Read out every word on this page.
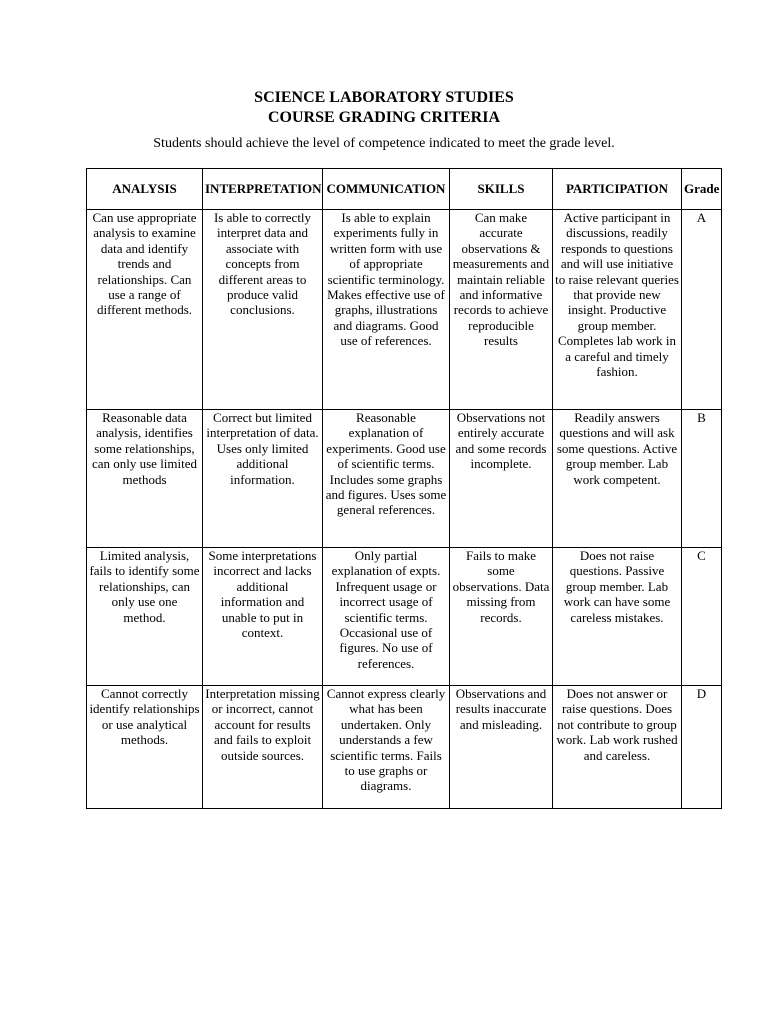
SCIENCE LABORATORY STUDIES
COURSE GRADING CRITERIA
Students should achieve the level of competence indicated to meet the grade level.
ANALYSIS	INTERPRETATION	COMMUNICATION	SKILLS	PARTICIPATION	Grade
Can use appropriate analysis to examine data and identify trends and relationships. Can use a range of different methods.	Is able to correctly interpret data and associate with concepts from different areas to produce valid conclusions.	Is able to explain experiments fully in written form with use of appropriate scientific terminology. Makes effective use of graphs, illustrations and diagrams. Good use of references.	Can make accurate observations & measurements and maintain reliable and informative records to achieve reproducible results	Active participant in discussions, readily responds to questions and will use initiative to raise relevant queries that provide new insight. Productive group member. Completes lab work in a careful and timely fashion.	A
Reasonable data analysis, identifies some relationships, can only use limited methods	Correct but limited interpretation of data. Uses only limited additional information.	Reasonable explanation of experiments. Good use of scientific terms. Includes some graphs and figures. Uses some general references.	Observations not entirely accurate and some records incomplete.	Readily answers questions and will ask some questions. Active group member. Lab work competent.	B
Limited analysis, fails to identify some relationships, can only use one method.	Some interpretations incorrect and lacks additional information and unable to put in context.	Only partial explanation of expts. Infrequent usage or incorrect usage of scientific terms. Occasional use of figures. No use of references.	Fails to make some observations. Data missing from records.	Does not raise questions. Passive group member. Lab work can have some careless mistakes.	C
Cannot correctly identify relationships or use analytical methods.	Interpretation missing or incorrect, cannot account for results and fails to exploit outside sources.	Cannot express clearly what has been undertaken. Only understands a few scientific terms. Fails to use graphs or diagrams.	Observations and results inaccurate and misleading.	Does not answer or raise questions. Does not contribute to group work. Lab work rushed and careless.	D
